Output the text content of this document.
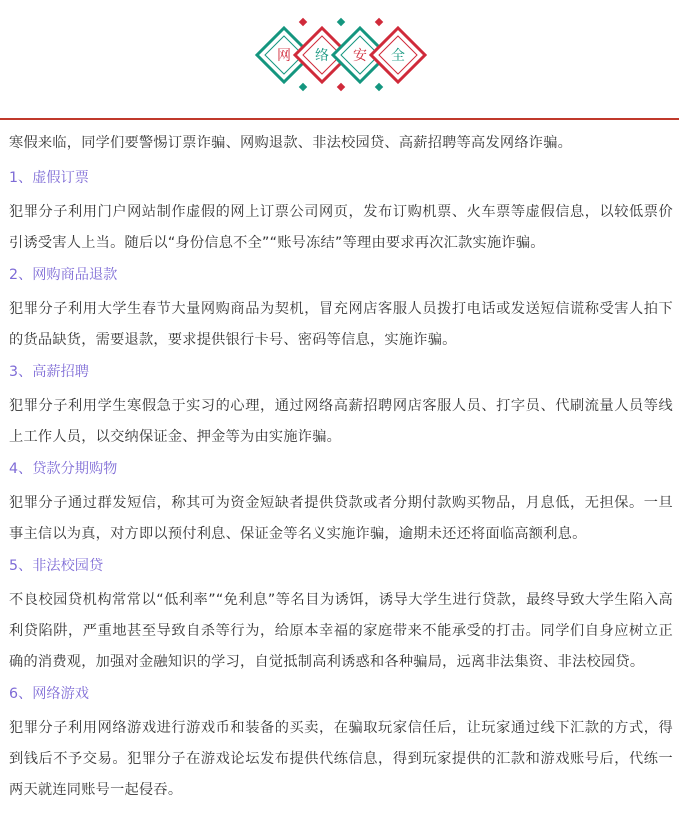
网 络 安 全

寒假来临，同学们要警惕订票诈骗、网购退款、非法校园贷、高薪招聘等高发网络诈骗。

1、虚假订票

犯罪分子利用门户网站制作虚假的网上订票公司网页，发布订购机票、火车票等虚假信息，以较低票价引诱受害人上当。随后以“身份信息不全”“账号冻结”等理由要求再次汇款实施诈骗。

2、网购商品退款

犯罪分子利用大学生春节大量网购商品为契机，冒充网店客服人员拨打电话或发送短信谎称受害人拍下的货品缺货，需要退款，要求提供银行卡号、密码等信息，实施诈骗。

3、高薪招聘

犯罪分子利用学生寒假急于实习的心理，通过网络高薪招聘网店客服人员、打字员、代刷流量人员等线上工作人员，以交纳保证金、押金等为由实施诈骗。

4、贷款分期购物

犯罪分子通过群发短信，称其可为资金短缺者提供贷款或者分期付款购买物品，月息低，无担保。一旦事主信以为真，对方即以预付利息、保证金等名义实施诈骗，逾期未还还将面临高额利息。

5、非法校园贷

不良校园贷机构常常以“低利率”“免利息”等名目为诱饵，诱导大学生进行贷款，最终导致大学生陷入高利贷陷阱，严重地甚至导致自杀等行为，给原本幸福的家庭带来不能承受的打击。同学们自身应树立正确的消费观，加强对金融知识的学习，自觉抵制高利诱惑和各种骗局，远离非法集资、非法校园贷。

6、网络游戏

犯罪分子利用网络游戏进行游戏币和装备的买卖，在骗取玩家信任后，让玩家通过线下汇款的方式，得到钱后不予交易。犯罪分子在游戏论坛发布提供代练信息，得到玩家提供的汇款和游戏账号后，代练一两天就连同账号一起侵吞。
